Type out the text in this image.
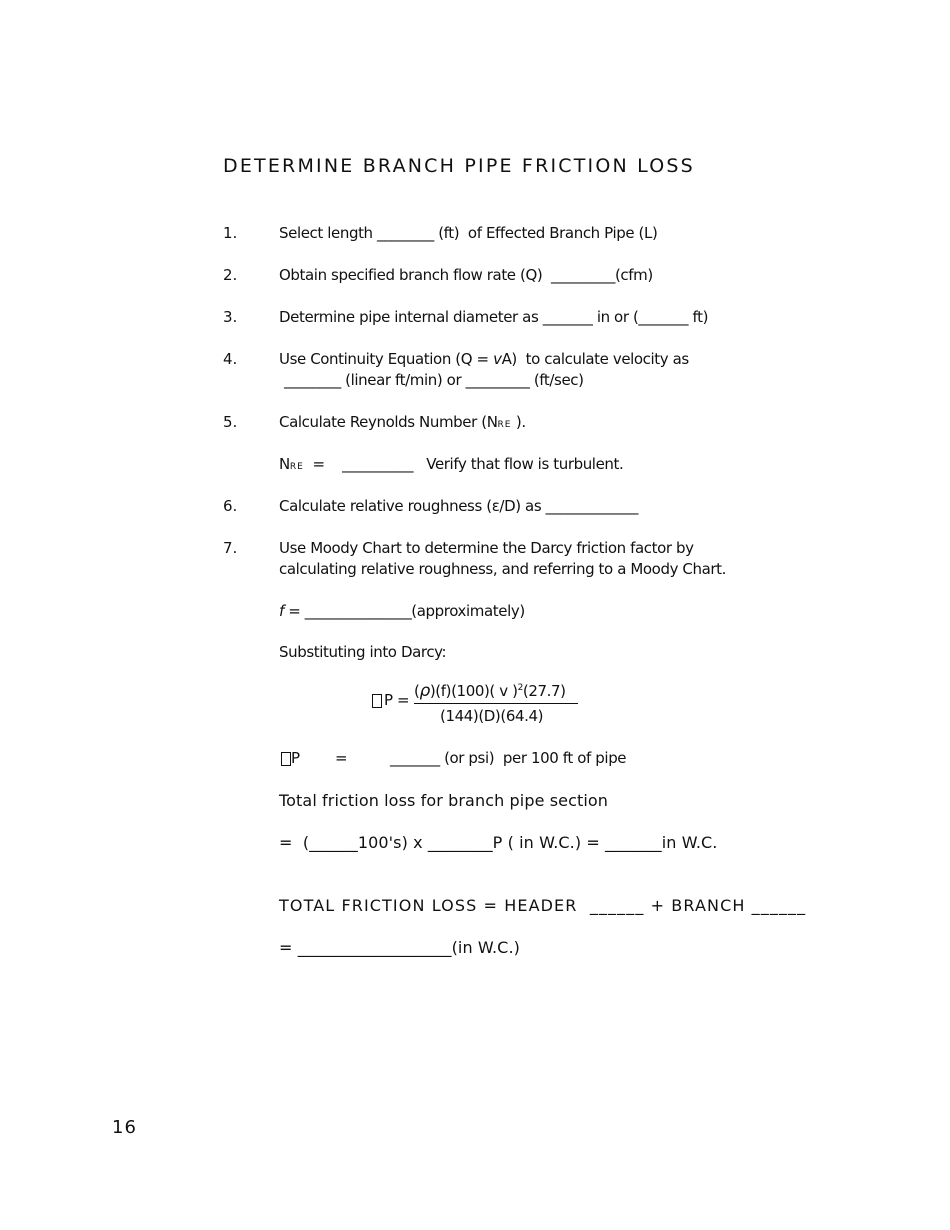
DETERMINE BRANCH PIPE FRICTION LOSS
1.	Select length ________ (ft)  of Effected Branch Pipe (L)
2.	Obtain specified branch flow rate (Q)  _________(cfm)
3.	Determine pipe internal diameter as _______ in or (_______ ft)
4.	Use Continuity Equation (Q = vA)  to calculate velocity as
________ (linear ft/min) or _________ (ft/sec)
5.	Calculate Reynolds Number (NRE ).
NRE  =    __________   Verify that flow is turbulent.
6.	Calculate relative roughness (ε/D) as _____________
7.	Use Moody Chart to determine the Darcy friction factor by
calculating relative roughness, and referring to a Moody Chart.
f = _______________(approximately)
Substituting into Darcy:
P = (ρ)(f)(100)( v )$^2$(27.7)
(144)(D)(64.4)
P =	_______ (or psi)  per 100 ft of pipe
Total friction loss for branch pipe section
=  (______100's) x ________P ( in W.C.) = _______in W.C.
TOTAL FRICTION LOSS = HEADER  ______ + BRANCH ______
= ___________________(in W.C.)
16
